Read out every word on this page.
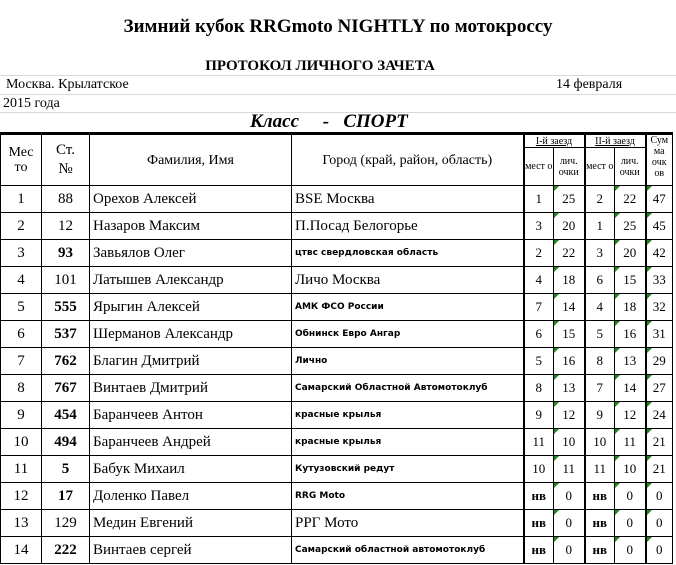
Зимний кубок RRGmoto NIGHTLY по мотокроссу
ПРОТОКОЛ ЛИЧНОГО ЗАЧЕТА
Москва. Крылатское	14 февраля
2015 года
Класс     -   СПОРТ
Мес то	Ст. №	Фамилия, Имя	Город (край, район, область)	I-й заезд		II-й заезд		Сум ма очк ов
				мест о	лич. очки	мест о	лич. очки	
1	88	Орехов Алексей	BSE Москва	1	25	2	22	47
2	12	Назаров Максим	П.Посад Белогорье	3	20	1	25	45
3	93	Завьялов Олег	цтвс свердловская область	2	22	3	20	42
4	101	Латышев Александр	Личо Москва	4	18	6	15	33
5	555	Ярыгин Алексей	АМК ФСО России	7	14	4	18	32
6	537	Шерманов Александр	Обнинск Евро Ангар	6	15	5	16	31
7	762	Благин Дмитрий	Лично	5	16	8	13	29
8	767	Винтаев Дмитрий	Самарский Областной Автомотоклуб	8	13	7	14	27
9	454	Баранчеев Антон	красные крылья	9	12	9	12	24
10	494	Баранчеев Андрей	красные крылья	11	10	10	11	21
11	5	Бабук Михаил	Кутузовский редут	10	11	11	10	21
12	17	Доленко Павел	RRG Moto	нв	0	нв	0	0
13	129	Медин Евгений	РРГ Мото	нв	0	нв	0	0
14	222	Винтаев сергей	Самарский областной автомотоклуб	нв	0	нв	0	0
